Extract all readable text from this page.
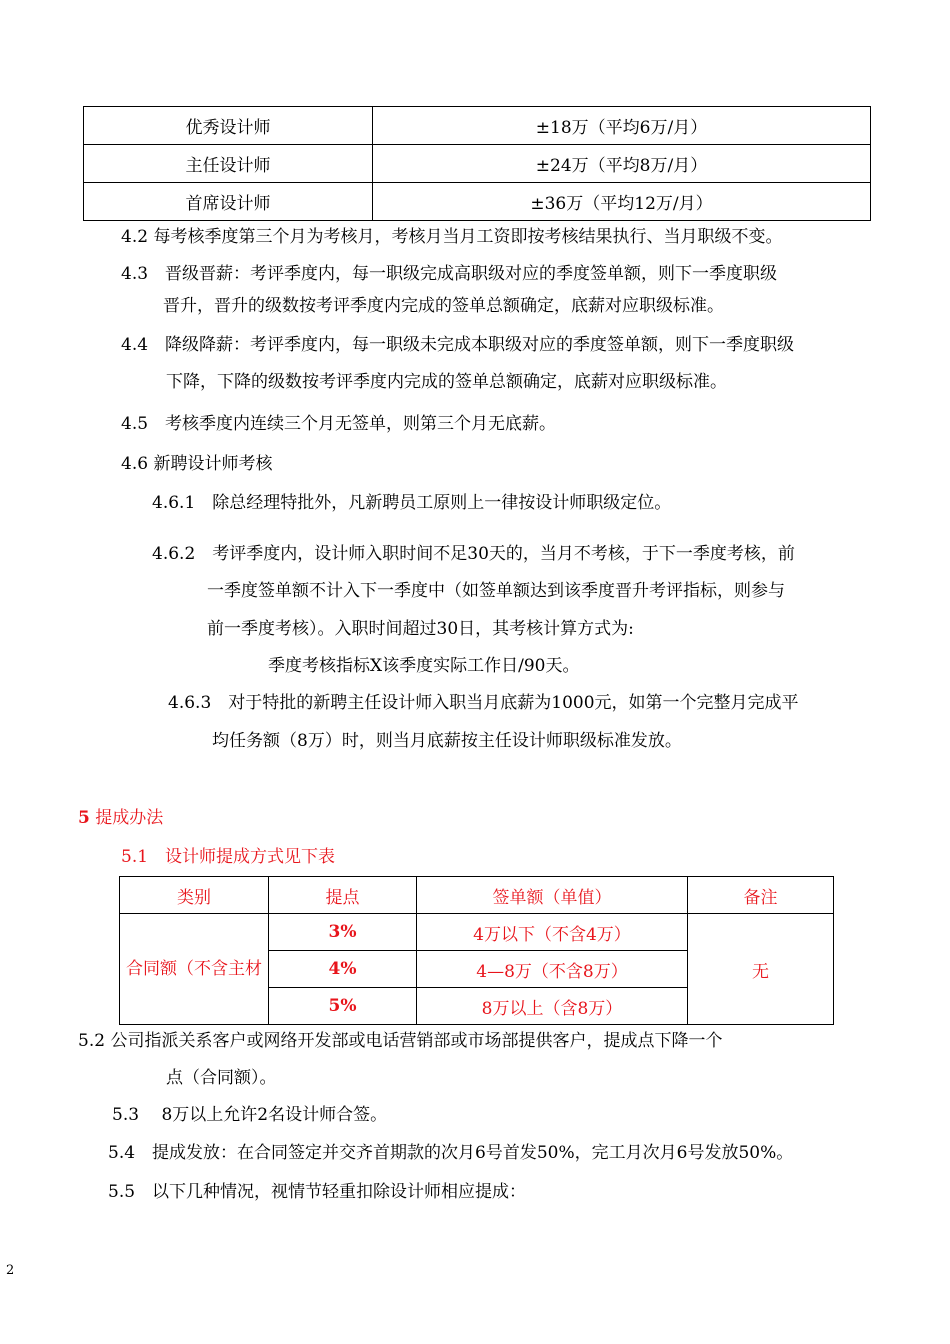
优秀设计师	±18万（平均6万/月）
主任设计师	±24万（平均8万/月）
首席设计师	±36万（平均12万/月）
4.2 每考核季度第三个月为考核月，考核月当月工资即按考核结果执行、当月职级不变。
4.3　晋级晋薪：考评季度内，每一职级完成高职级对应的季度签单额，则下一季度职级
晋升，晋升的级数按考评季度内完成的签单总额确定，底薪对应职级标准。
4.4　降级降薪：考评季度内，每一职级未完成本职级对应的季度签单额，则下一季度职级
下降，下降的级数按考评季度内完成的签单总额确定，底薪对应职级标准。
4.5　考核季度内连续三个月无签单，则第三个月无底薪。
4.6 新聘设计师考核
4.6.1　除总经理特批外，凡新聘员工原则上一律按设计师职级定位。
4.6.2　考评季度内，设计师入职时间不足30天的，当月不考核，于下一季度考核，前
一季度签单额不计入下一季度中（如签单额达到该季度晋升考评指标，则参与
前一季度考核）。入职时间超过30日，其考核计算方式为:
季度考核指标X该季度实际工作日/90天。
4.6.3　对于特批的新聘主任设计师入职当月底薪为1000元，如第一个完整月完成平
均任务额（8万）时，则当月底薪按主任设计师职级标准发放。
5 提成办法
5.1　设计师提成方式见下表
类别	提点	签单额（单值）	备注
合同额（不含主材	3%	4万以下（不含4万）	无
	4%	4—8万（不含8万）	
	5%	8万以上（含8万）	
5.2 公司指派关系客户或网络开发部或电话营销部或市场部提供客户，提成点下降一个
点（合同额）。
5.3　 8万以上允许2名设计师合签。
5.4　提成发放：在合同签定并交齐首期款的次月6号首发50%，完工月次月6号发放50%。
5.5　以下几种情况，视情节轻重扣除设计师相应提成：
2
